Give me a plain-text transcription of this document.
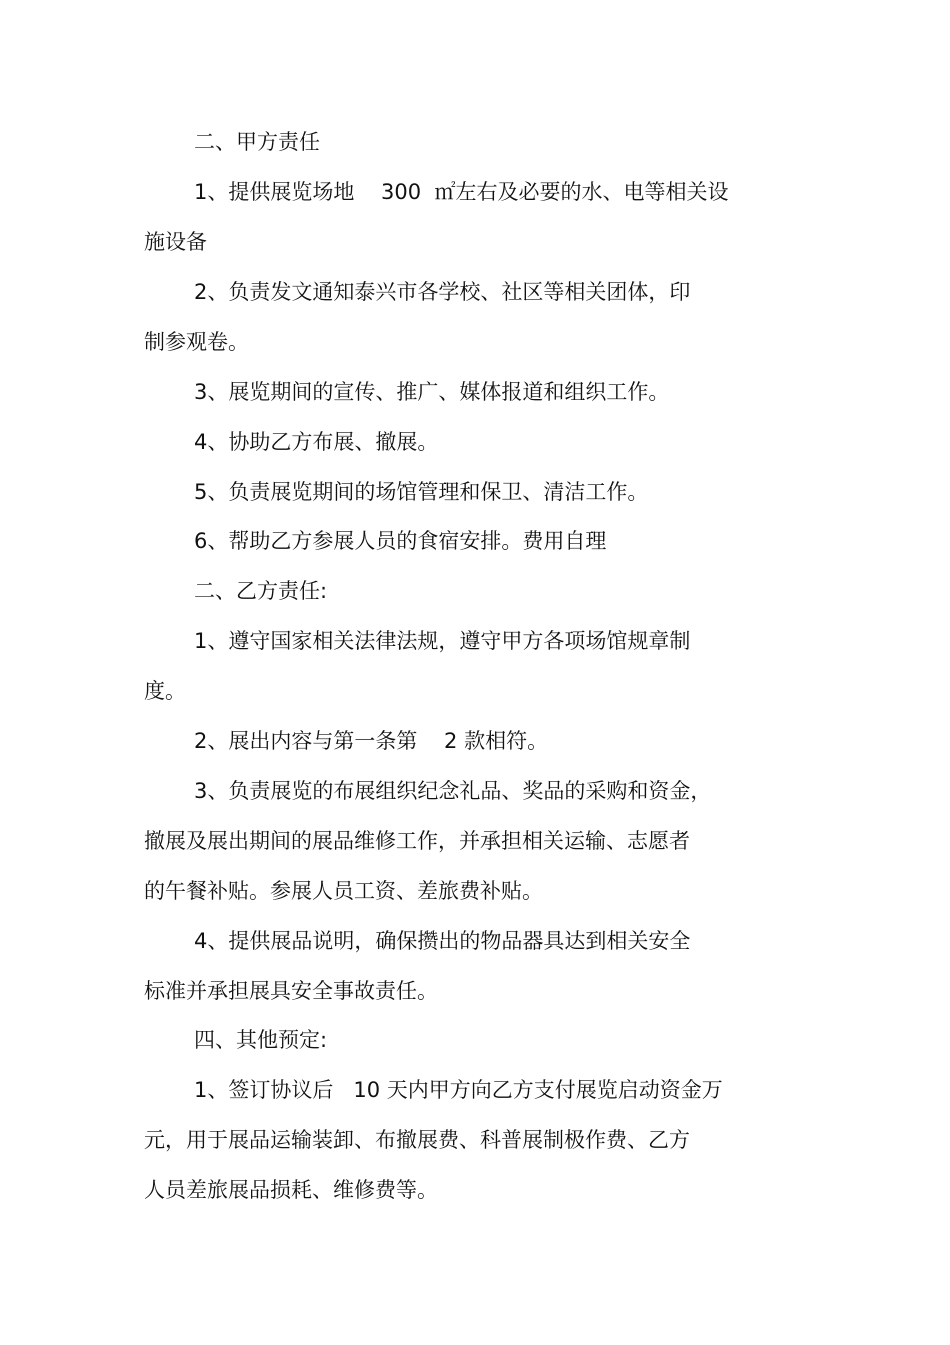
二、甲方责任
1、提供展览场地    300  ㎡左右及必要的水、电等相关设
施设备
2、负责发文通知泰兴市各学校、社区等相关团体，印
制参观卷。
3、展览期间的宣传、推广、媒体报道和组织工作。
4、协助乙方布展、撤展。
5、负责展览期间的场馆管理和保卫、清洁工作。
6、帮助乙方参展人员的食宿安排。费用自理
二、乙方责任:
1、遵守国家相关法律法规，遵守甲方各项场馆规章制
度。
2、展出内容与第一条第    2 款相符。
3、负责展览的布展组织纪念礼品、奖品的采购和资金，
撤展及展出期间的展品维修工作，并承担相关运输、志愿者
的午餐补贴。参展人员工资、差旅费补贴。
4、提供展品说明，确保攒出的物品器具达到相关安全
标准并承担展具安全事故责任。
四、其他预定:
1、签订协议后   10 天内甲方向乙方支付展览启动资金万
元，用于展品运输装卸、布撤展费、科普展制极作费、乙方
人员差旅展品损耗、维修费等。
